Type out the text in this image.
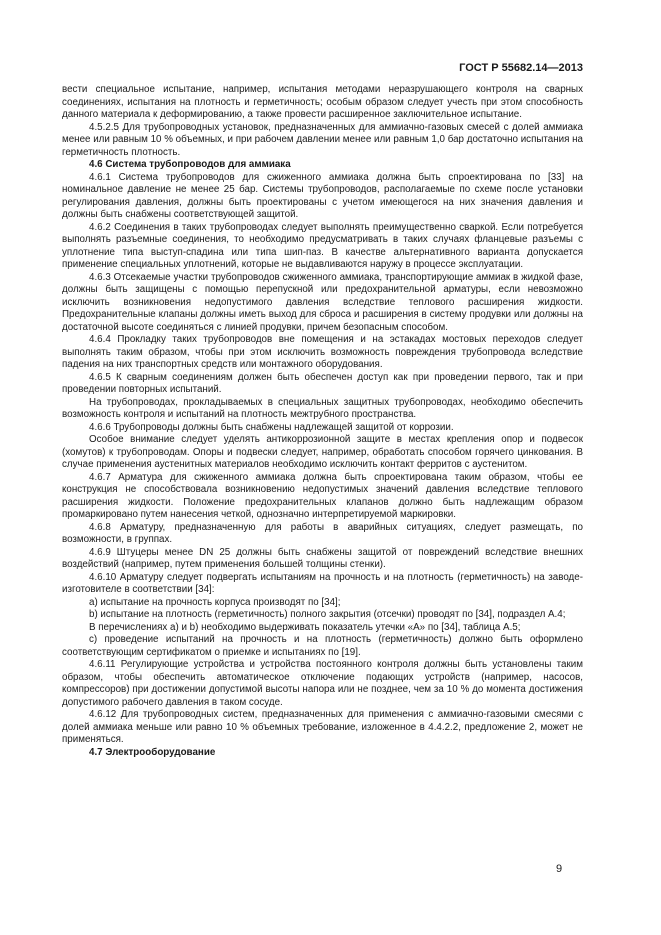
ГОСТ Р 55682.14—2013

вести специальное испытание, например, испытания методами неразрушающего контроля на сварных соединениях, испытания на плотность и герметичность; особым образом следует учесть при этом способность данного материала к деформированию, а также провести расширенное заключительное испытание.

4.5.2.5 Для трубопроводных установок, предназначенных для аммиачно-газовых смесей с долей аммиака менее или равным 10 % объемных, и при рабочем давлении менее или равным 1,0 бар достаточно испытания на герметичность плотность.

4.6 Система трубопроводов для аммиака

4.6.1 Система трубопроводов для сжиженного аммиака должна быть спроектирована по [33] на номинальное давление не менее 25 бар. Системы трубопроводов, располагаемые по схеме после установки регулирования давления, должны быть проектированы с учетом имеющегося на них значения давления и должны быть снабжены соответствующей защитой.

4.6.2 Соединения в таких трубопроводах следует выполнять преимущественно сваркой. Если потребуется выполнять разъемные соединения, то необходимо предусматривать в таких случаях фланцевые разъемы с уплотнение типа выступ-спадина или типа шип-паз. В качестве альтернативного варианта допускается применение специальных уплотнений, которые не выдавливаются наружу в процессе эксплуатации.

4.6.3 Отсекаемые участки трубопроводов сжиженного аммиака, транспортирующие аммиак в жидкой фазе, должны быть защищены с помощью перепускной или предохранительной арматуры, если невозможно исключить возникновения недопустимого давления вследствие теплового расширения жидкости. Предохранительные клапаны должны иметь выход для сброса и расширения в систему продувки или должны на достаточной высоте соединяться с линией продувки, причем безопасным способом.

4.6.4 Прокладку таких трубопроводов вне помещения и на эстакадах мостовых переходов следует выполнять таким образом, чтобы при этом исключить возможность повреждения трубопровода вследствие падения на них транспортных средств или монтажного оборудования.

4.6.5 К сварным соединениям должен быть обеспечен доступ как при проведении первого, так и при проведении повторных испытаний.

На трубопроводах, прокладываемых в специальных защитных трубопроводах, необходимо обеспечить возможность контроля и испытаний на плотность межтрубного пространства.

4.6.6 Трубопроводы должны быть снабжены надлежащей защитой от коррозии.

Особое внимание следует уделять антикоррозионной защите в местах крепления опор и подвесок (хомутов) к трубопроводам. Опоры и подвески следует, например, обработать способом горячего цинкования. В случае применения аустенитных материалов необходимо исключить контакт ферритов с аустенитом.

4.6.7 Арматура для сжиженного аммиака должна быть спроектирована таким образом, чтобы ее конструкция не способствовала возникновению недопустимых значений давления вследствие теплового расширения жидкости. Положение предохранительных клапанов должно быть надлежащим образом промаркировано путем нанесения четкой, однозначно интерпретируемой маркировки.

4.6.8 Арматуру, предназначенную для работы в аварийных ситуациях, следует размещать, по возможности, в группах.

4.6.9 Штуцеры менее DN 25 должны быть снабжены защитой от повреждений вследствие внешних воздействий (например, путем применения большей толщины стенки).

4.6.10 Арматуру следует подвергать испытаниям на прочность и на плотность (герметичность) на заводе-изготовителе в соответствии [34]:

а) испытание на прочность корпуса производят по [34];

b) испытание на плотность (герметичность) полного закрытия (отсечки) проводят по [34], подраздел А.4;

В перечислениях а) и b) необходимо выдерживать показатель утечки «А» по [34], таблица А.5;

с) проведение испытаний на прочность и на плотность (герметичность) должно быть оформлено соответствующим сертификатом о приемке и испытаниях по [19].

4.6.11 Регулирующие устройства и устройства постоянного контроля должны быть установлены таким образом, чтобы обеспечить автоматическое отключение подающих устройств (например, насосов, компрессоров) при достижении допустимой высоты напора или не позднее, чем за 10 % до момента достижения допустимого рабочего давления в таком сосуде.

4.6.12 Для трубопроводных систем, предназначенных для применения с аммиачно-газовыми смесями с долей аммиака меньше или равно 10 % объемных требование, изложенное в 4.4.2.2, предложение 2, может не применяться.

4.7 Электрооборудование

9
